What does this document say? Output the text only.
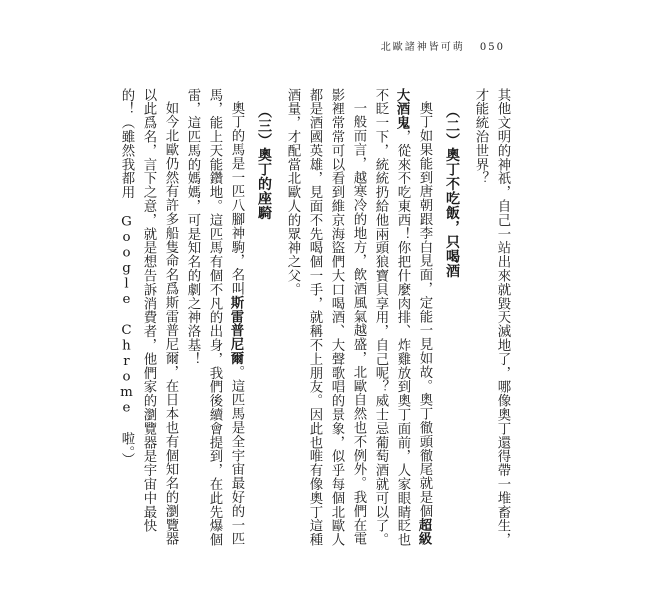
北歐諸神皆可萌 050

其他文明的神祇，自己一站出來就毀天滅地了，哪像奧丁還得帶一堆畜生，才能統治世界？

（二）奧丁不吃飯，只喝酒

奧丁如果能到唐朝跟李白見面，定能一見如故。奧丁徹頭徹尾就是個超級大酒鬼，從來不吃東西！你把什麼肉排、炸雞放到奧丁面前，人家眼睛眨也不眨一下，統統扔給他兩頭狼寶貝享用，自己呢？威士忌葡萄酒就可以了。

一般而言，越寒冷的地方，飲酒風氣越盛，北歐自然也不例外。我們在電影裡常常可以看到維京海盜們大口喝酒、大聲歌唱的景象，似乎每個北歐人都是酒國英雄，見面不先喝個一手，就稱不上朋友。因此也唯有像奧丁這種酒量，才配當北歐人的眾神之父。

（三）奧丁的座騎

奧丁的馬是一匹八腳神駒，名叫斯雷普尼爾。這匹馬是全宇宙最好的一匹馬，能上天能鑽地。這匹馬有個不凡的出身，我們後續會提到，在此先爆個雷，這匹馬的媽媽，可是知名的劇之神洛基！

如今北歐仍然有許多船隻命名爲斯雷普尼爾，在日本也有個知名的瀏覽器以此爲名，言下之意，就是想告訴消費者，他們家的瀏覽器是宇宙中最快的！（雖然我都用 Google Chrome 啦。）
